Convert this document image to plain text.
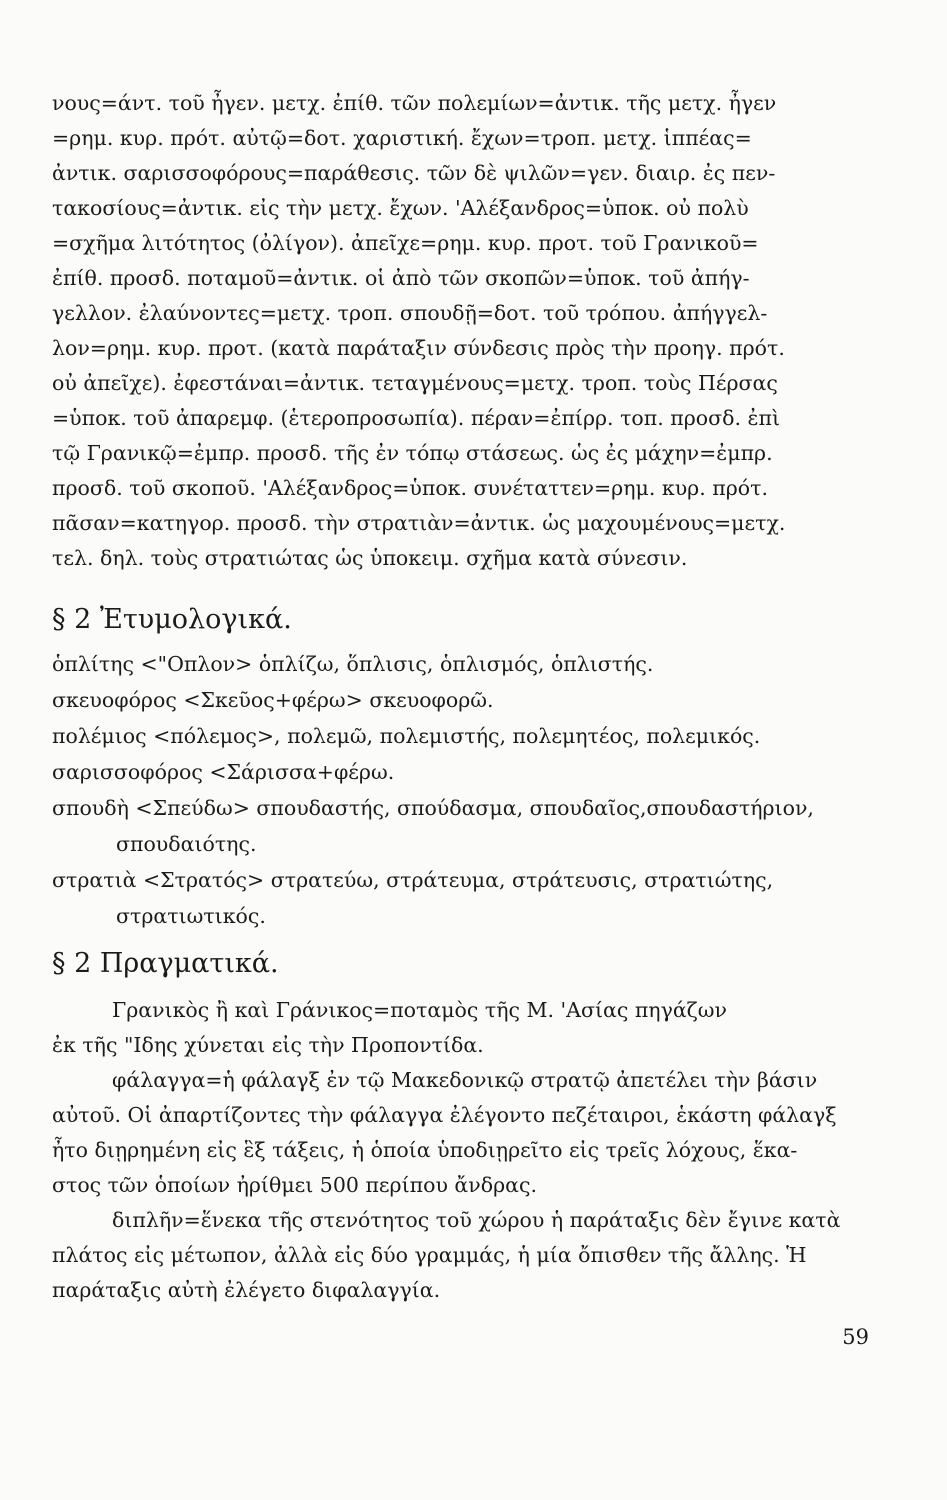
νους=άντ. τοῦ ἦγεν. μετχ. ἐπίθ. τῶν πολεμίων=ἀντικ. τῆς μετχ. ἦγεν
=ρημ. κυρ. πρότ. αὐτῷ=δοτ. χαριστική. ἔχων=τροπ. μετχ. ἱππέας=
ἀντικ. σαρισσοφόρους=παράθεσις. τῶν δὲ ψιλῶν=γεν. διαιρ. ἐς πεν-
τακοσίους=ἀντικ. εἰς τὴν μετχ. ἔχων. 'Αλέξανδρος=ὑποκ. οὐ πολὺ
=σχῆμα λιτότητος (ὀλίγον). ἀπεῖχε=ρημ. κυρ. προτ. τοῦ Γρανικοῦ=
ἐπίθ. προσδ. ποταμοῦ=ἀντικ. οἱ ἀπὸ τῶν σκοπῶν=ὑποκ. τοῦ ἀπήγ-
γελλον. ἐλαύνοντες=μετχ. τροπ. σπουδῇ=δοτ. τοῦ τρόπου. ἀπήγγελ-
λον=ρημ. κυρ. προτ. (κατὰ παράταξιν σύνδεσις πρὸς τὴν προηγ. πρότ.
οὐ ἀπεῖχε). ἐφεστάναι=ἀντικ. τεταγμένους=μετχ. τροπ. τοὺς Πέρσας
=ὑποκ. τοῦ ἀπαρεμφ. (ἑτεροπροσωπία). πέραν=ἐπίρρ. τοπ. προσδ. ἐπὶ
τῷ Γρανικῷ=ἐμπρ. προσδ. τῆς ἐν τόπῳ στάσεως. ὡς ἐς μάχην=ἐμπρ.
προσδ. τοῦ σκοποῦ. 'Αλέξανδρος=ὑποκ. συνέταττεν=ρημ. κυρ. πρότ.
πᾶσαν=κατηγορ. προσδ. τὴν στρατιὰν=ἀντικ. ὡς μαχουμένους=μετχ.
τελ. δηλ. τοὺς στρατιώτας ὡς ὑποκειμ. σχῆμα κατὰ σύνεσιν.
§ 2 Ἐτυμολογικά.
ὁπλίτης <"Οπλον> ὁπλίζω, ὅπλισις, ὁπλισμός, ὁπλιστής.
σκευοφόρος <Σκεῦος+φέρω> σκευοφορῶ.
πολέμιος <πόλεμος>, πολεμῶ, πολεμιστής, πολεμητέος, πολεμικός.
σαρισσοφόρος <Σάρισσα+φέρω.
σπουδὴ <Σπεύδω> σπουδαστής, σπούδασμα, σπουδαῖος,σπουδαστήριον,
σπουδαιότης.
στρατιὰ <Στρατός> στρατεύω, στράτευμα, στράτευσις, στρατιώτης,
στρατιωτικός.
§ 2 Πραγματικά.
Γρανικὸς ἢ καὶ Γράνικος=ποταμὸς τῆς Μ. 'Ασίας πηγάζων
ἐκ τῆς "Ιδης χύνεται εἰς τὴν Προποντίδα.
φάλαγγα=ἡ φάλαγξ ἐν τῷ Μακεδονικῷ στρατῷ ἀπετέλει τὴν βάσιν
αὐτοῦ. Οἱ ἀπαρτίζοντες τὴν φάλαγγα ἐλέγοντο πεζέταιροι, ἑκάστη φάλαγξ
ἦτο διῃρημένη εἰς ἓξ τάξεις, ἡ ὁποία ὑποδιῃρεῖτο εἰς τρεῖς λόχους, ἕκα-
στος τῶν ὁποίων ἠρίθμει 500 περίπου ἄνδρας.
διπλῆν=ἕνεκα τῆς στενότητος τοῦ χώρου ἡ παράταξις δὲν ἔγινε κατὰ
πλάτος εἰς μέτωπον, ἀλλὰ εἰς δύο γραμμάς, ἡ μία ὄπισθεν τῆς ἄλλης. Ἡ
παράταξις αὐτὴ ἐλέγετο διφαλαγγία.
59
